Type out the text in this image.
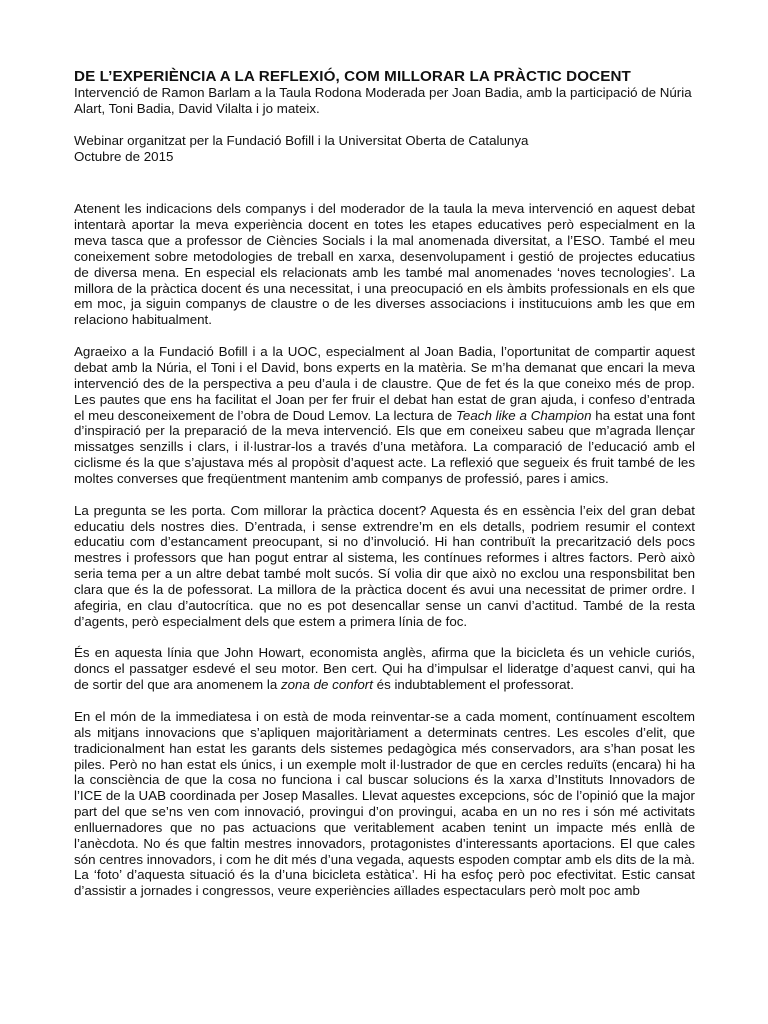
DE L’EXPERIÈNCIA A LA REFLEXIÓ, COM MILLORAR LA PRÀCTIC DOCENT

Intervenció de Ramon Barlam a la Taula Rodona Moderada per Joan Badia, amb la participació de Núria Alart, Toni Badia, David Vilalta i jo mateix.

Webinar organitzat per la Fundació Bofill i la Universitat Oberta de Catalunya
Octubre de 2015

Atenent les indicacions dels companys i del moderador de la taula la meva intervenció en aquest debat intentarà aportar la meva experiència docent en totes les etapes educatives però especialment en la meva tasca que a professor de Ciències Socials i la mal anomenada diversitat, a l’ESO. També el meu coneixement sobre metodologies de treball en xarxa, desenvolupament i gestió de projectes educatius de diversa mena. En especial els relacionats amb les també mal anomenades ‘noves tecnologies’. La millora de la pràctica docent és una necessitat, i una preocupació en els àmbits professionals en els que em moc, ja siguin companys de claustre o de les diverses associacions i institucuions amb les que em relaciono habitualment.

Agraeixo a la Fundació Bofill i a la UOC, especialment al Joan Badia, l’oportunitat de compartir aquest debat amb la Núria, el Toni i el David, bons experts en la matèria. Se m’ha demanat que encari la meva intervenció des de la perspectiva a peu d’aula i de claustre. Que de fet és la que coneixo més de prop. Les pautes que ens ha facilitat el Joan per fer fruir el debat han estat de gran ajuda, i confeso d’entrada el meu desconeixement de l’obra de Doud Lemov. La lectura de Teach like a Champion ha estat una font d’inspiració per la preparació de la meva intervenció. Els que em coneixeu sabeu que m’agrada llençar missatges senzills i clars, i il·lustrar-los a través d’una metàfora. La comparació de l’educació amb el ciclisme és la que s’ajustava més al propòsit d’aquest acte. La reflexió que segueix és fruit també de les moltes converses que freqüentment mantenim amb companys de professió, pares i amics.

La pregunta se les porta. Com millorar la pràctica docent? Aquesta és en essència l’eix del gran debat educatiu dels nostres dies. D’entrada, i sense extrendre’m en els detalls, podriem resumir el context educatiu com d’estancament preocupant, si no d’involució. Hi han contribuït la precarització dels pocs mestres i professors que han pogut entrar al sistema, les contínues reformes i altres factors. Però això seria tema per a un altre debat també molt sucós. Sí volia dir que això no exclou una responsbilitat ben clara que és la de pofessorat. La millora de la pràctica docent és avui una necessitat de primer ordre. I afegiria, en clau d’autocrítica. que no es pot desencallar sense un canvi d’actitud. També de la resta d’agents, però especialment dels que estem a primera línia de foc.

És en aquesta línia que John Howart, economista anglès, afirma que la bicicleta és un vehicle curiós, doncs el passatger esdevé el seu motor. Ben cert. Qui ha d’impulsar el lideratge d’aquest canvi, qui ha de sortir del que ara anomenem la zona de confort és indubtablement el professorat.

En el món de la immediatesa i on està de moda reinventar-se a cada moment, contínuament escoltem als mitjans innovacions que s’apliquen majoritàriament a determinats centres. Les escoles d’elit, que tradicionalment han estat les garants dels sistemes pedagògica més conservadors, ara s’han posat les piles. Però no han estat els únics, i un exemple molt il·lustrador de que en cercles reduïts (encara) hi ha la consciència de que la cosa no funciona i cal buscar solucions és la xarxa d’Instituts Innovadors de l’ICE de la UAB coordinada per Josep Masalles. Llevat aquestes excepcions, sóc de l’opinió que la major part del que se’ns ven com innovació, provingui d’on provingui, acaba en un no res i són mé activitats enlluernadores que no pas actuacions que veritablement acaben tenint un impacte més enllà de l’anècdota. No és que faltin mestres innovadors, protagonistes d’interessants aportacions. El que cales són centres innovadors, i com he dit més d’una vegada, aquests espoden comptar amb els dits de la mà. La ‘foto’ d’aquesta situació és la d’una bicicleta estàtica’. Hi ha esfoç però poc efectivitat. Estic cansat d’assistir a jornades i congressos, veure experiències aïllades espectaculars però molt poc amb
